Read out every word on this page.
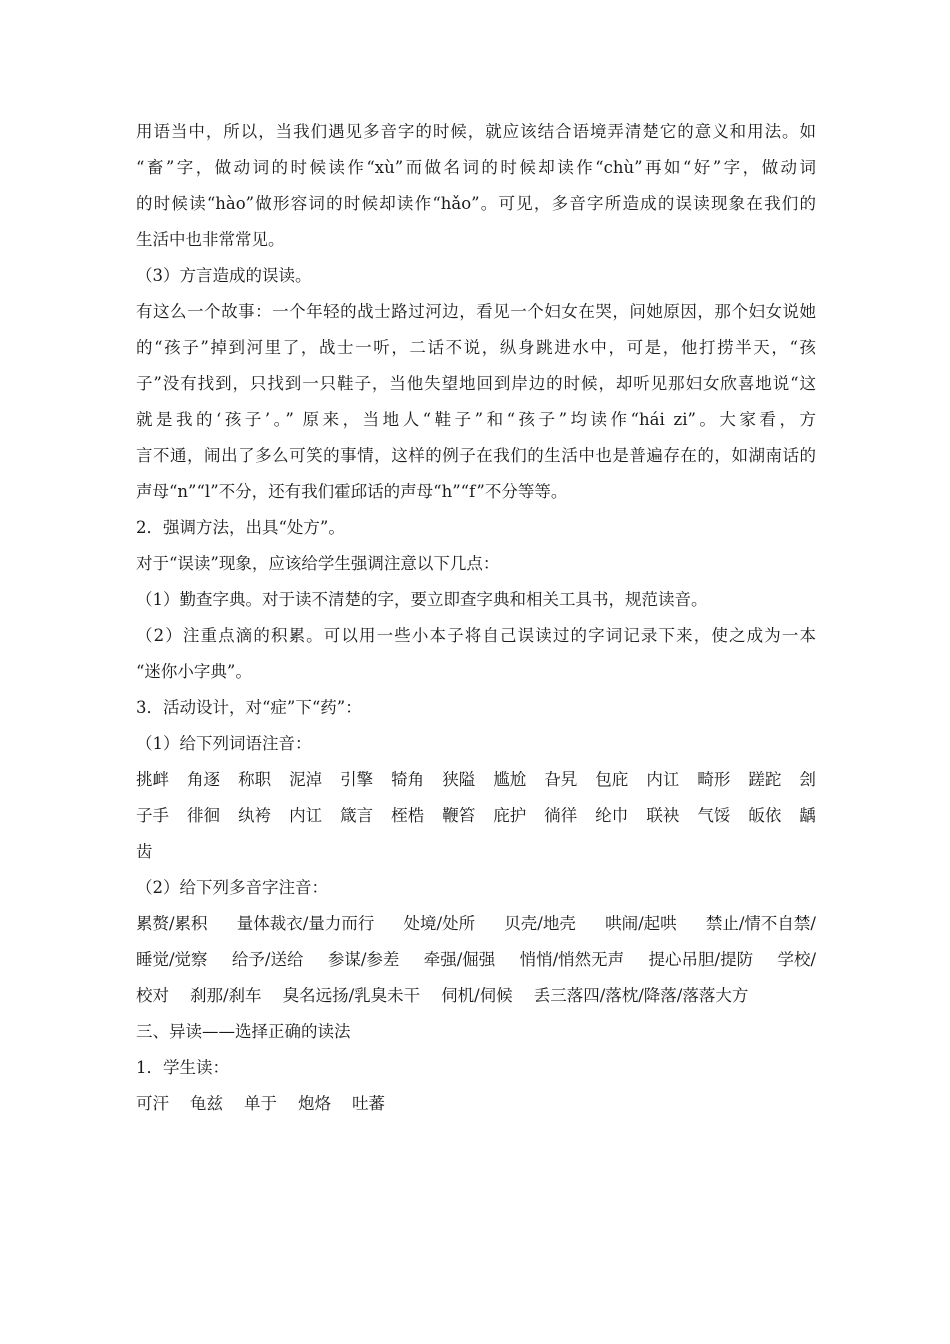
用语当中，所以，当我们遇见多音字的时候，就应该结合语境弄清楚它的意义和用法。如
“畜”字，做动词的时候读作“xù”而做名词的时候却读作“chù”再如“好”字，做动词
的时候读“hào”做形容词的时候却读作“hǎo”。可见，多音字所造成的误读现象在我们的
生活中也非常常见。
（3）方言造成的误读。
有这么一个故事：一个年轻的战士路过河边，看见一个妇女在哭，问她原因，那个妇女说她
的“孩子”掉到河里了，战士一听，二话不说，纵身跳进水中，可是，他打捞半天，“孩
子”没有找到，只找到一只鞋子，当他失望地回到岸边的时候，却听见那妇女欣喜地说“这
就是我的‘孩子’。” 原来，当地人“鞋子”和“孩子”均读作“hái zi”。大家看，方
言不通，闹出了多么可笑的事情，这样的例子在我们的生活中也是普遍存在的，如湖南话的
声母“n”“l”不分，还有我们霍邱话的声母“h”“f”不分等等。
2．强调方法，出具“处方”。
对于“误读”现象，应该给学生强调注意以下几点：
（1）勤查字典。对于读不清楚的字，要立即查字典和相关工具书，规范读音。
（2）注重点滴的积累。可以用一些小本子将自己误读过的字词记录下来，使之成为一本
“迷你小字典”。
3．活动设计，对“症”下“药”：
（1）给下列词语注音：
挑衅 角逐 称职 泥淖 引擎 犄角 狭隘 尴尬 旮旯 包庇 内讧 畸形 蹉跎 刽
子手 徘徊 纨袴 内讧 箴言 桎梏 鞭笞 庇护 徜徉 纶巾 联袂 气馁 皈依 龋
齿
（2）给下列多音字注音：
累赘/累积 量体裁衣/量力而行 处境/处所 贝壳/地壳 哄闹/起哄 禁止/情不自禁/
睡觉/觉察 给予/送给 参谋/参差 牵强/倔强 悄悄/悄然无声 提心吊胆/提防 学校/
校对 刹那/刹车 臭名远扬/乳臭未干 伺机/伺候 丢三落四/落枕/降落/落落大方
三、异读——选择正确的读法
1．学生读：
可汗 龟兹 单于 炮烙 吐蕃
